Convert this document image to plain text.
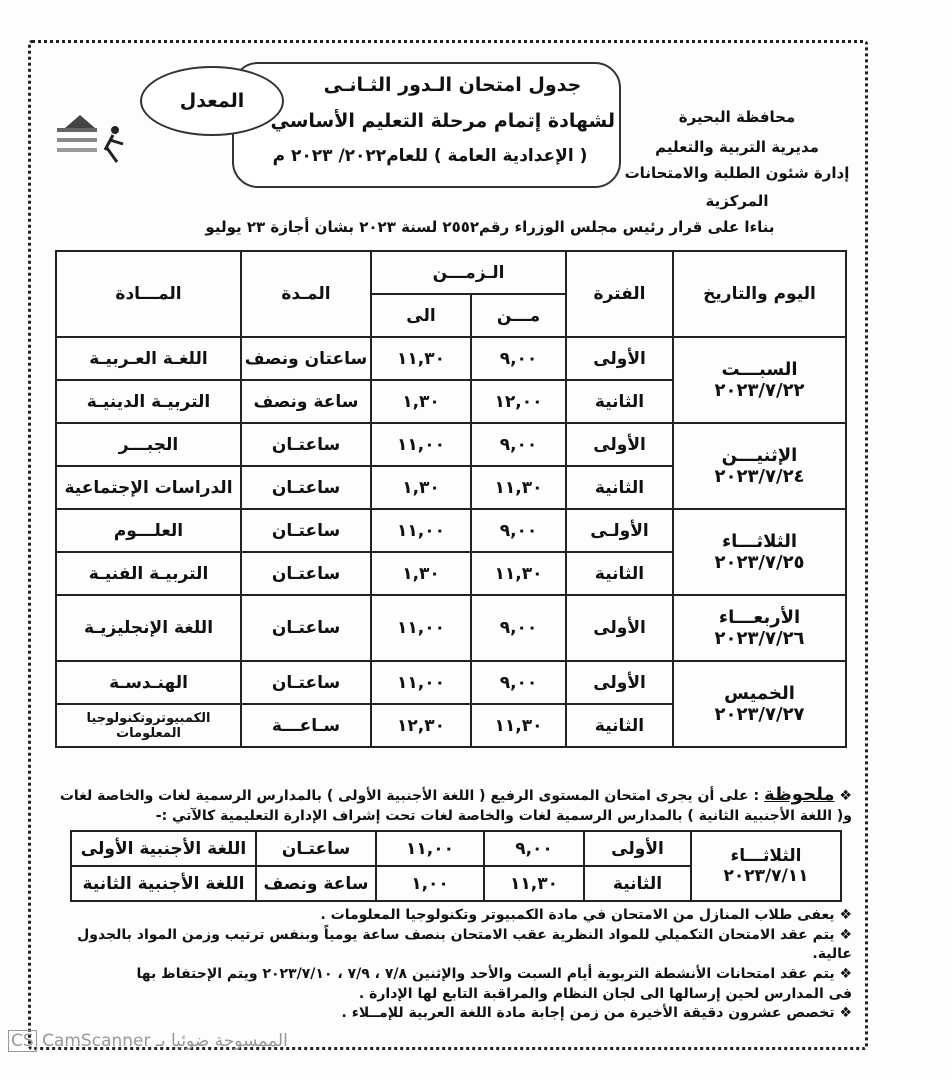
المعدل
جدول امتحان الـدور الثـانـى
لشهادة إتمام مرحلة التعليم الأساسي
( الإعدادية العامة ) للعام٢٠٢٢/ ٢٠٢٣ م
محافظة البحيرة
مديرية التربية والتعليم
إدارة شئون الطلبة والامتحانات
المركزية
بناءا على قرار رئيس مجلس الوزراء رقم٢٥٥٢ لسنة ٢٠٢٣ بشان أجازة ٢٣ يوليو
اليوم والتاريخ	الفترة	الـزمـــن		المـدة	المـــادة
		مـــن	الى		

السبـــت
٢٠٢٣/٧/٢٢	الأولى	٩,٠٠	١١,٣٠	ساعتان ونصف	اللغـة العـربيـة
	الثانية	١٢,٠٠	١,٣٠	ساعة ونصف	التربيـة الدينيـة

الإثنيـــن
٢٠٢٣/٧/٢٤	الأولى	٩,٠٠	١١,٠٠	ساعتـان	الجبـــر
	الثانية	١١,٣٠	١,٣٠	ساعتـان	الدراسات الإجتماعية

الثلاثـــاء
٢٠٢٣/٧/٢٥	الأولـى	٩,٠٠	١١,٠٠	ساعتـان	العلـــوم
	الثانية	١١,٣٠	١,٣٠	ساعتـان	التربيـة الفنيـة

الأربعـــاء
٢٠٢٣/٧/٢٦	الأولى	٩,٠٠	١١,٠٠	ساعتـان	اللغة الإنجليزيـة

الخميس
٢٠٢٣/٧/٢٧	الأولى	٩,٠٠	١١,٠٠	ساعتـان	الهنـدسـة
	الثانية	١١,٣٠	١٢,٣٠	سـاعـــة	الكمبيوتروتكنولوجيا المعلومات
❖ ملحوظة : على أن يجرى امتحان المستوى الرفيع ( اللغة الأجنبية الأولى ) بالمدارس الرسمية لغات والخاصة لغات
و( اللغة الأجنبية الثانية ) بالمدارس الرسمية لغات والخاصة لغات تحت إشراف الإدارة التعليمية كالآتي :-
الثلاثـــاء
٢٠٢٣/٧/١١	الأولى	٩,٠٠	١١,٠٠	ساعتـان	اللغة الأجنبية الأولى
	الثانية	١١,٣٠	١,٠٠	ساعة ونصف	اللغة الأجنبية الثانية
❖ يعفى طلاب المنازل من الامتحان في مادة الكمبيوتر وتكنولوجيا المعلومات .
❖ يتم عقد الامتحان التكميلي للمواد النظرية عقب الامتحان بنصف ساعة يومياً وبنفس ترتيب وزمن المواد بالجدول عالية.
❖ يتم عقد امتحانات الأنشطة التربوية أيام السبت والأحد والإثنين ٧/٨ ، ٧/٩ ، ٢٠٢٣/٧/١٠ ويتم الإحتفاظ بها
فى المدارس لحين إرسالها الى لجان النظام والمراقبة التابع لها الإدارة .
❖ تخصص عشرون دقيقة الأخيرة من زمن إجابة مادة اللغة العربية للإمــلاء .
CS CamScanner الممسوحة ضوئيا بـ
